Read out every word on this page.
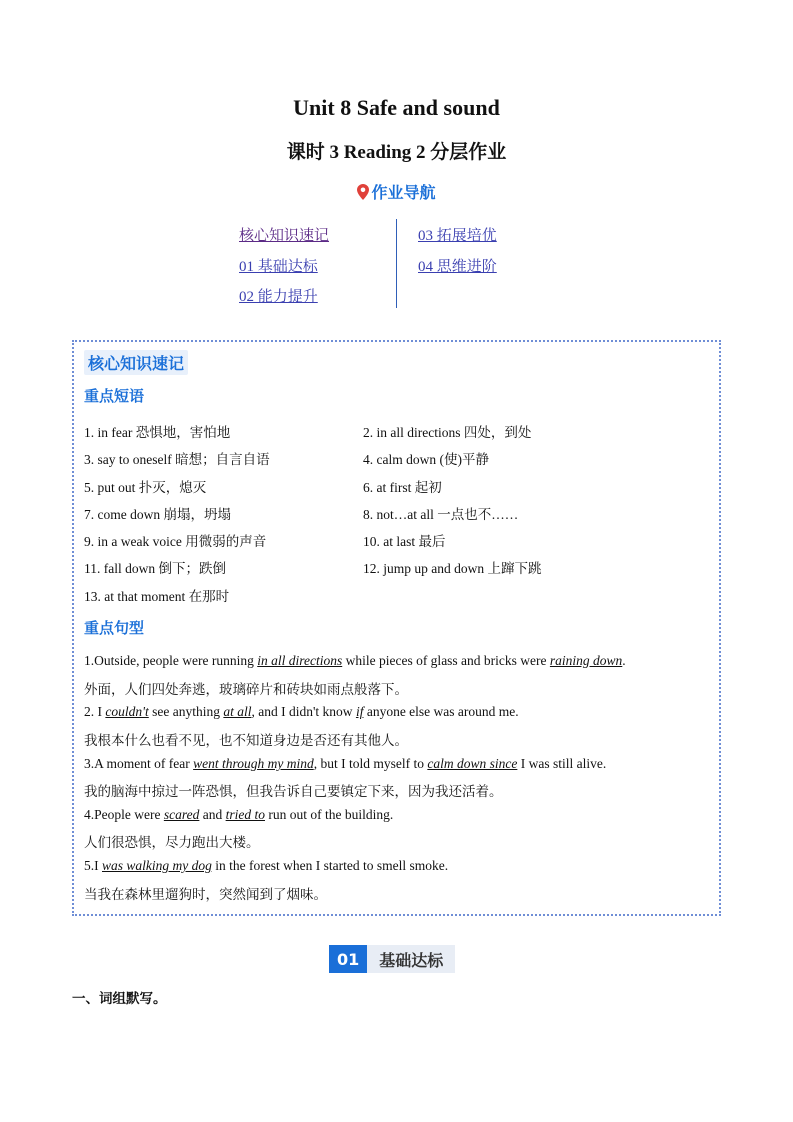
Unit 8 Safe and sound
课时 3 Reading 2 分层作业
作业导航
核心知识速记
01 基础达标
02 能力提升
03 拓展培优
04 思维进阶
核心知识速记
重点短语
1. in fear 恐惧地，害怕地	2. in all directions 四处，到处
3. say to oneself 暗想；自言自语	4. calm down (使)平静
5. put out 扑灭，熄灭	6. at first 起初
7. come down 崩塌，坍塌	8. not…at all 一点也不……
9. in a weak voice 用微弱的声音	10. at last 最后
11. fall down 倒下；跌倒	12. jump up and down 上蹿下跳
13. at that moment 在那时
重点句型
1.Outside, people were running in all directions while pieces of glass and bricks were raining down.
外面，人们四处奔逃，玻璃碎片和砖块如雨点般落下。
2. I couldn't see anything at all, and I didn't know if anyone else was around me.
我根本什么也看不见，也不知道身边是否还有其他人。
3.A moment of fear went through my mind, but I told myself to calm down since I was still alive.
我的脑海中掠过一阵恐惧，但我告诉自己要镇定下来，因为我还活着。
4.People were scared and tried to run out of the building.
人们很恐惧，尽力跑出大楼。
5.I was walking my dog in the forest when I started to smell smoke.
当我在森林里遛狗时，突然闻到了烟味。
01	基础达标
一、词组默写。
